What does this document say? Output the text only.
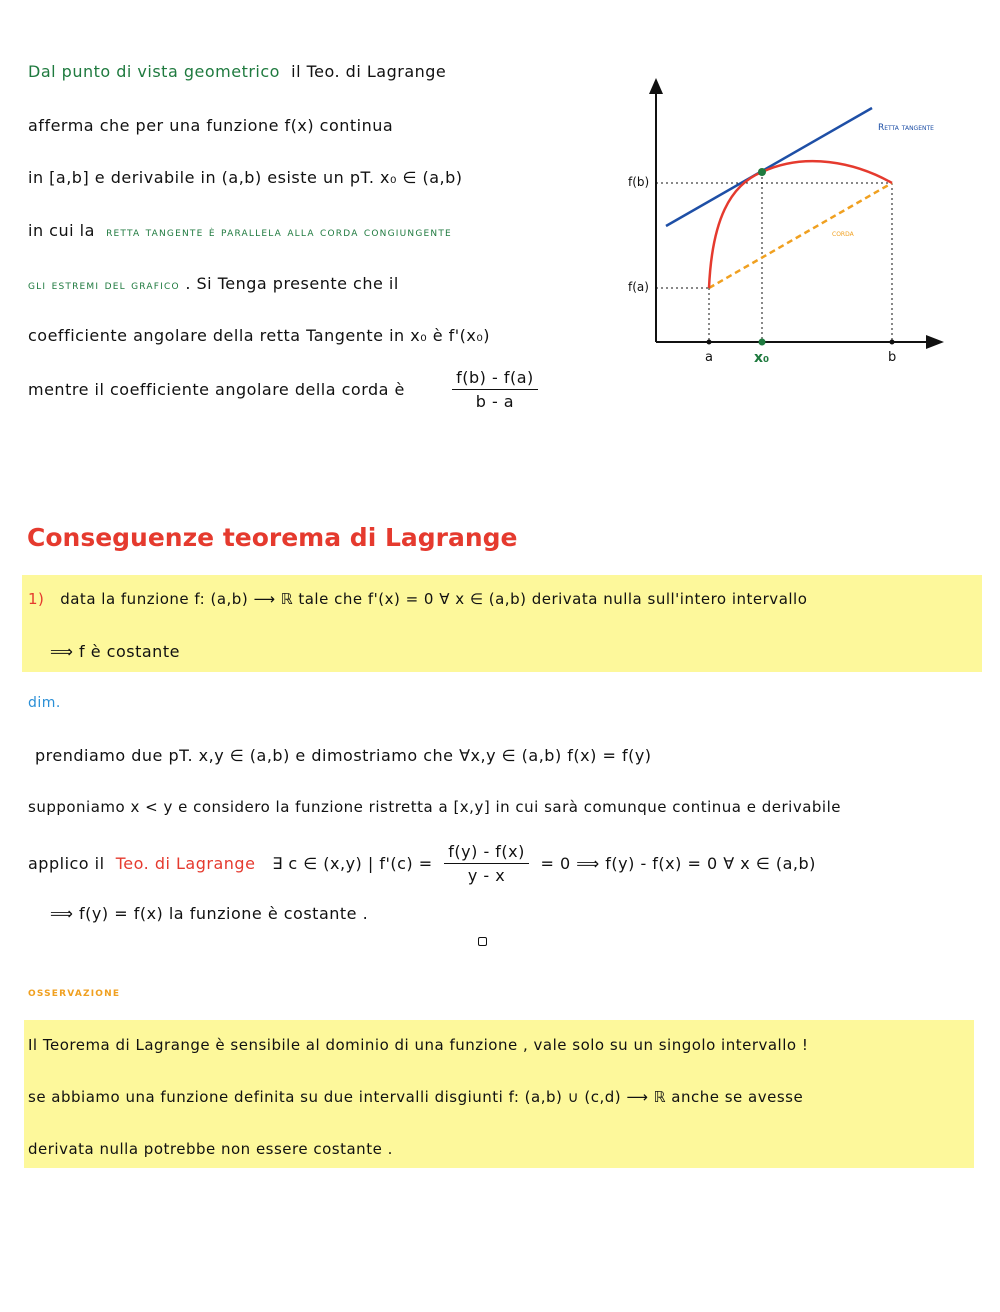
Dal punto di vista geometrico il Teo. di Lagrange
afferma che per una funzione f(x) continua
in [a,b] e derivabile in (a,b) esiste un pT. x₀ ∈ (a,b)
in cui la retta tangente è parallela alla corda congiungente
gli estremi del grafico . Si Tenga presente che il
coefficiente angolare della retta Tangente in x₀ è f'(x₀)
mentre il coefficiente angolare della corda è	$\frac{f(b) - f(a)}{b - a}$
Retta tangente
corda
f(b)
f(a)
a	x₀	b
Conseguenze teorema di Lagrange
1) data la funzione f: (a,b) ⟶ ℝ tale che f'(x) = 0 ∀ x ∈ (a,b) derivata nulla sull'intero intervallo
⟹ f è costante
dim.
prendiamo due pT. x,y ∈ (a,b) e dimostriamo che ∀x,y ∈ (a,b) f(x) = f(y)
supponiamo x < y e considero la funzione ristretta a [x,y] in cui sarà comunque continua e derivabile
applico il Teo. di Lagrange ∃ c ∈ (x,y) | $f'(c) = \frac{f(y) - f(x)}{y - x} = 0$ ⟹ f(y) - f(x) = 0 ∀ x ∈ (a,b)
⟹ f(y) = f(x) la funzione è costante .
osservazione
Il Teorema di Lagrange è sensibile al dominio di una funzione , vale solo su un singolo intervallo !
se abbiamo una funzione definita su due intervalli disgiunti f: (a,b) ∪ (c,d) ⟶ ℝ anche se avesse
derivata nulla potrebbe non essere costante .
